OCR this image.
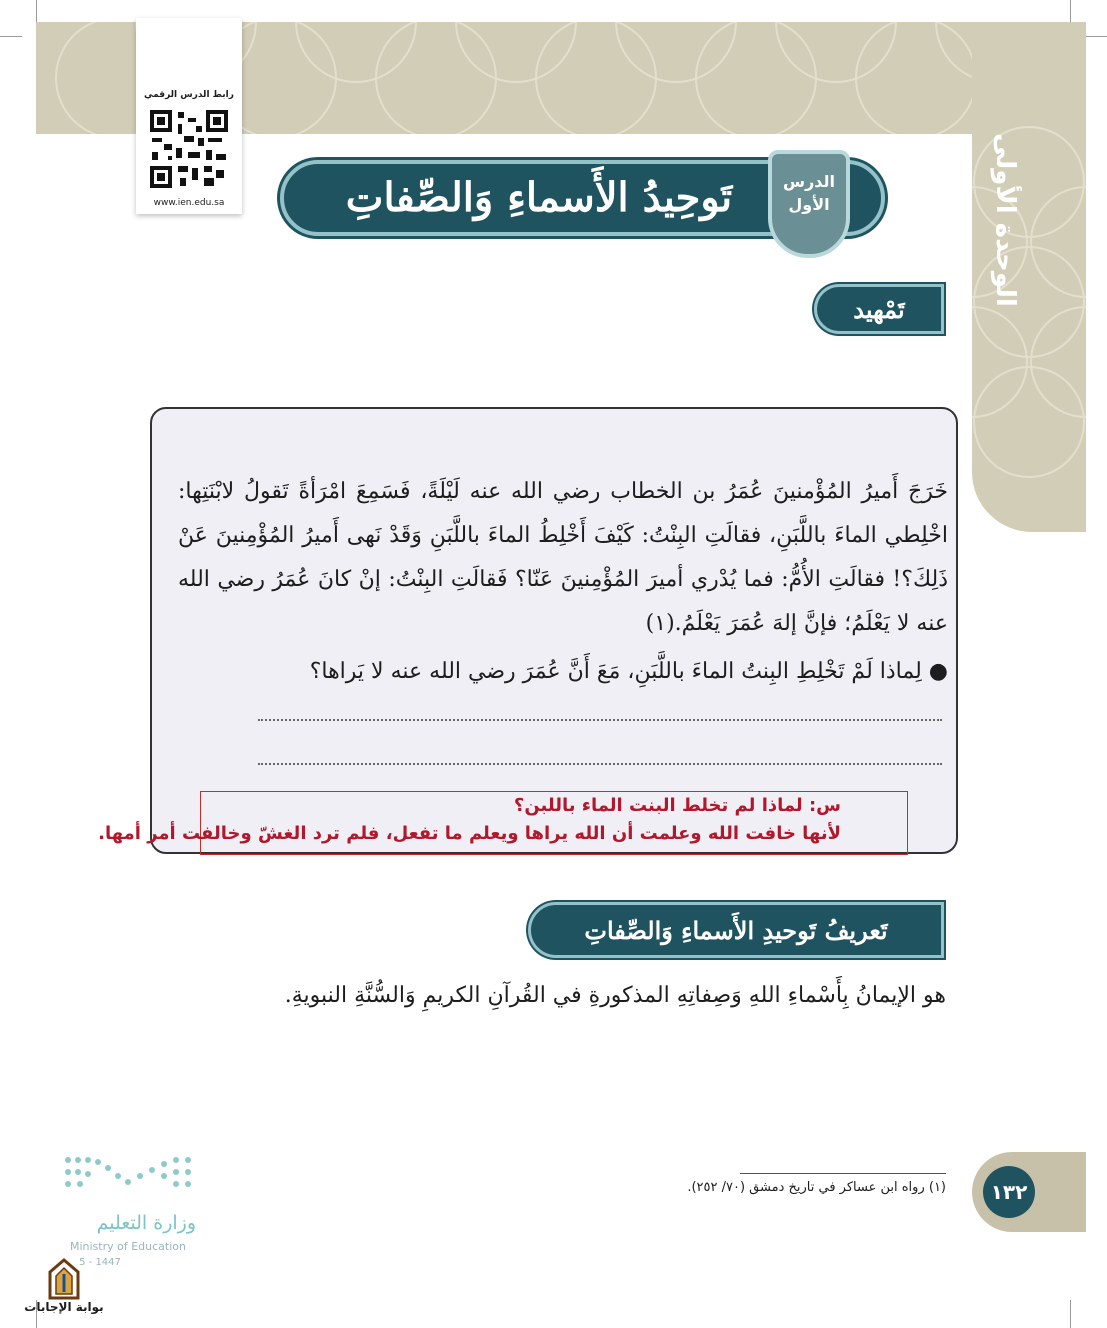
الوحدة الأولى
رابط الدرس الرقمي
www.ien.edu.sa	تَوحِيدُ الأَسماءِ وَالصِّفاتِ	الدرس
الأول
تَمْهيد
خَرَجَ أَميرُ المُؤْمنينَ عُمَرُ بن الخطاب رضي الله عنه لَيْلَةً، فَسَمِعَ امْرَأةً تَقولُ لابْنَتِها: اخْلِطي الماءَ باللَّبَنِ، فقالَتِ البِنْتُ: كَيْفَ أَخْلِطُ الماءَ باللَّبَنِ وَقَدْ نَهى أَميرُ المُؤْمِنينَ عَنْ ذَلِكَ؟! فقالَتِ الأُمُّ: فما يُدْري أميرَ المُؤْمِنينَ عَنّا؟ فَقالَتِ البِنْتُ: إنْ كانَ عُمَرُ رضي الله عنه لا يَعْلَمُ؛ فإنَّ إلهَ عُمَرَ يَعْلَمُ.(١)
● لِماذا لَمْ تَخْلِطِ البِنتُ الماءَ باللَّبَنِ، مَعَ أَنَّ عُمَرَ رضي الله عنه لا يَراها؟
س: لماذا لم تخلط البنت الماء باللبن؟
لأنها خافت الله وعلمت أن الله يراها ويعلم ما تفعل، فلم ترد الغشّ وخالفت أمر أمها.
تَعريفُ تَوحيدِ الأَسماءِ وَالصِّفاتِ
هو الإيمانُ بِأَسْماءِ اللهِ وَصِفاتِهِ المذكورةِ في القُرآنِ الكريمِ وَالسُّنَّةِ النبويةِ.
(١) رواه ابن عساكر في تاريخ دمشق (٧٠/ ٢٥٢).	١٣٢
وزارة التعليم
Ministry of Education
5 - 1447
بوابة الإجابات
